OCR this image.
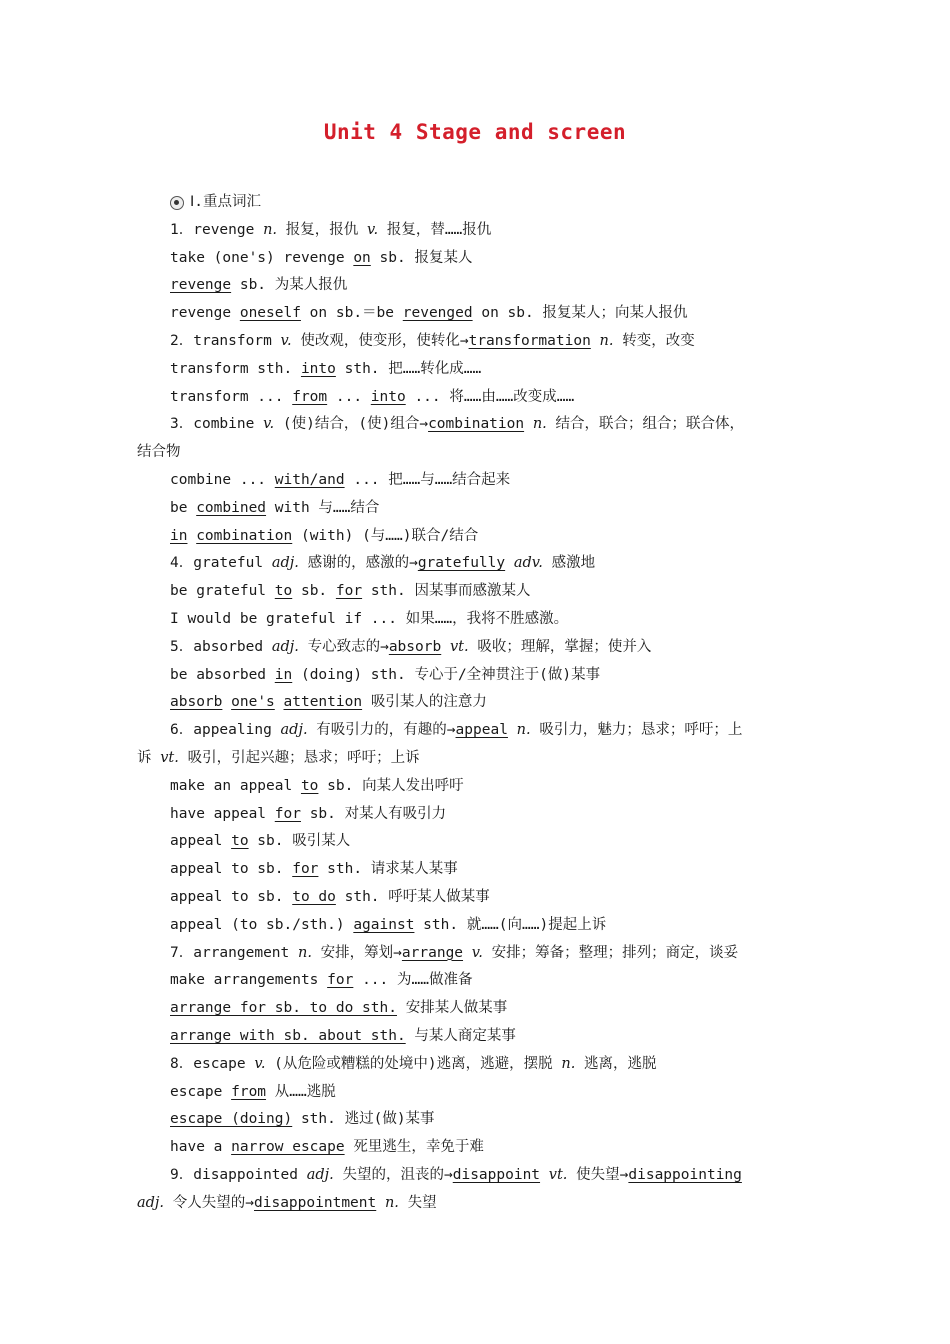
Unit 4 Stage and screen
Ⅰ.重点词汇
1．revenge n. 报复，报仇 v. 报复，替……报仇
take (one's) revenge on sb. 报复某人
revenge sb. 为某人报仇
revenge oneself on sb.＝be revenged on sb. 报复某人；向某人报仇
2．transform v. 使改观，使变形，使转化→transformation n. 转变，改变
transform sth. into sth. 把……转化成……
transform ... from ... into ... 将……由……改变成……
3．combine v. (使)结合，(使)组合→combination n. 结合，联合；组合；联合体，
结合物
combine ... with/and ... 把……与……结合起来
be combined with 与……结合
in combination (with) (与……)联合/结合
4．grateful adj. 感谢的，感激的→gratefully adv. 感激地
be grateful to sb. for sth. 因某事而感激某人
I would be grateful if ... 如果……，我将不胜感激。
5．absorbed adj. 专心致志的→absorb vt. 吸收；理解，掌握；使并入
be absorbed in (doing) sth. 专心于/全神贯注于(做)某事
absorb one's attention 吸引某人的注意力
6．appealing adj. 有吸引力的，有趣的→appeal n. 吸引力，魅力；恳求；呼吁；上
诉 vt. 吸引，引起兴趣；恳求；呼吁；上诉
make an appeal to sb. 向某人发出呼吁
have appeal for sb. 对某人有吸引力
appeal to sb. 吸引某人
appeal to sb. for sth. 请求某人某事
appeal to sb. to do sth. 呼吁某人做某事
appeal (to sb./sth.) against sth. 就……(向……)提起上诉
7．arrangement n. 安排，筹划→arrange v. 安排；筹备；整理；排列；商定，谈妥
make arrangements for ... 为……做准备
arrange for sb. to do sth. 安排某人做某事
arrange with sb. about sth. 与某人商定某事
8．escape v. (从危险或糟糕的处境中)逃离，逃避，摆脱 n. 逃离，逃脱
escape from 从……逃脱
escape (doing) sth. 逃过(做)某事
have a narrow escape 死里逃生，幸免于难
9．disappointed adj. 失望的，沮丧的→disappoint vt. 使失望→disappointing
adj. 令人失望的→disappointment n. 失望
